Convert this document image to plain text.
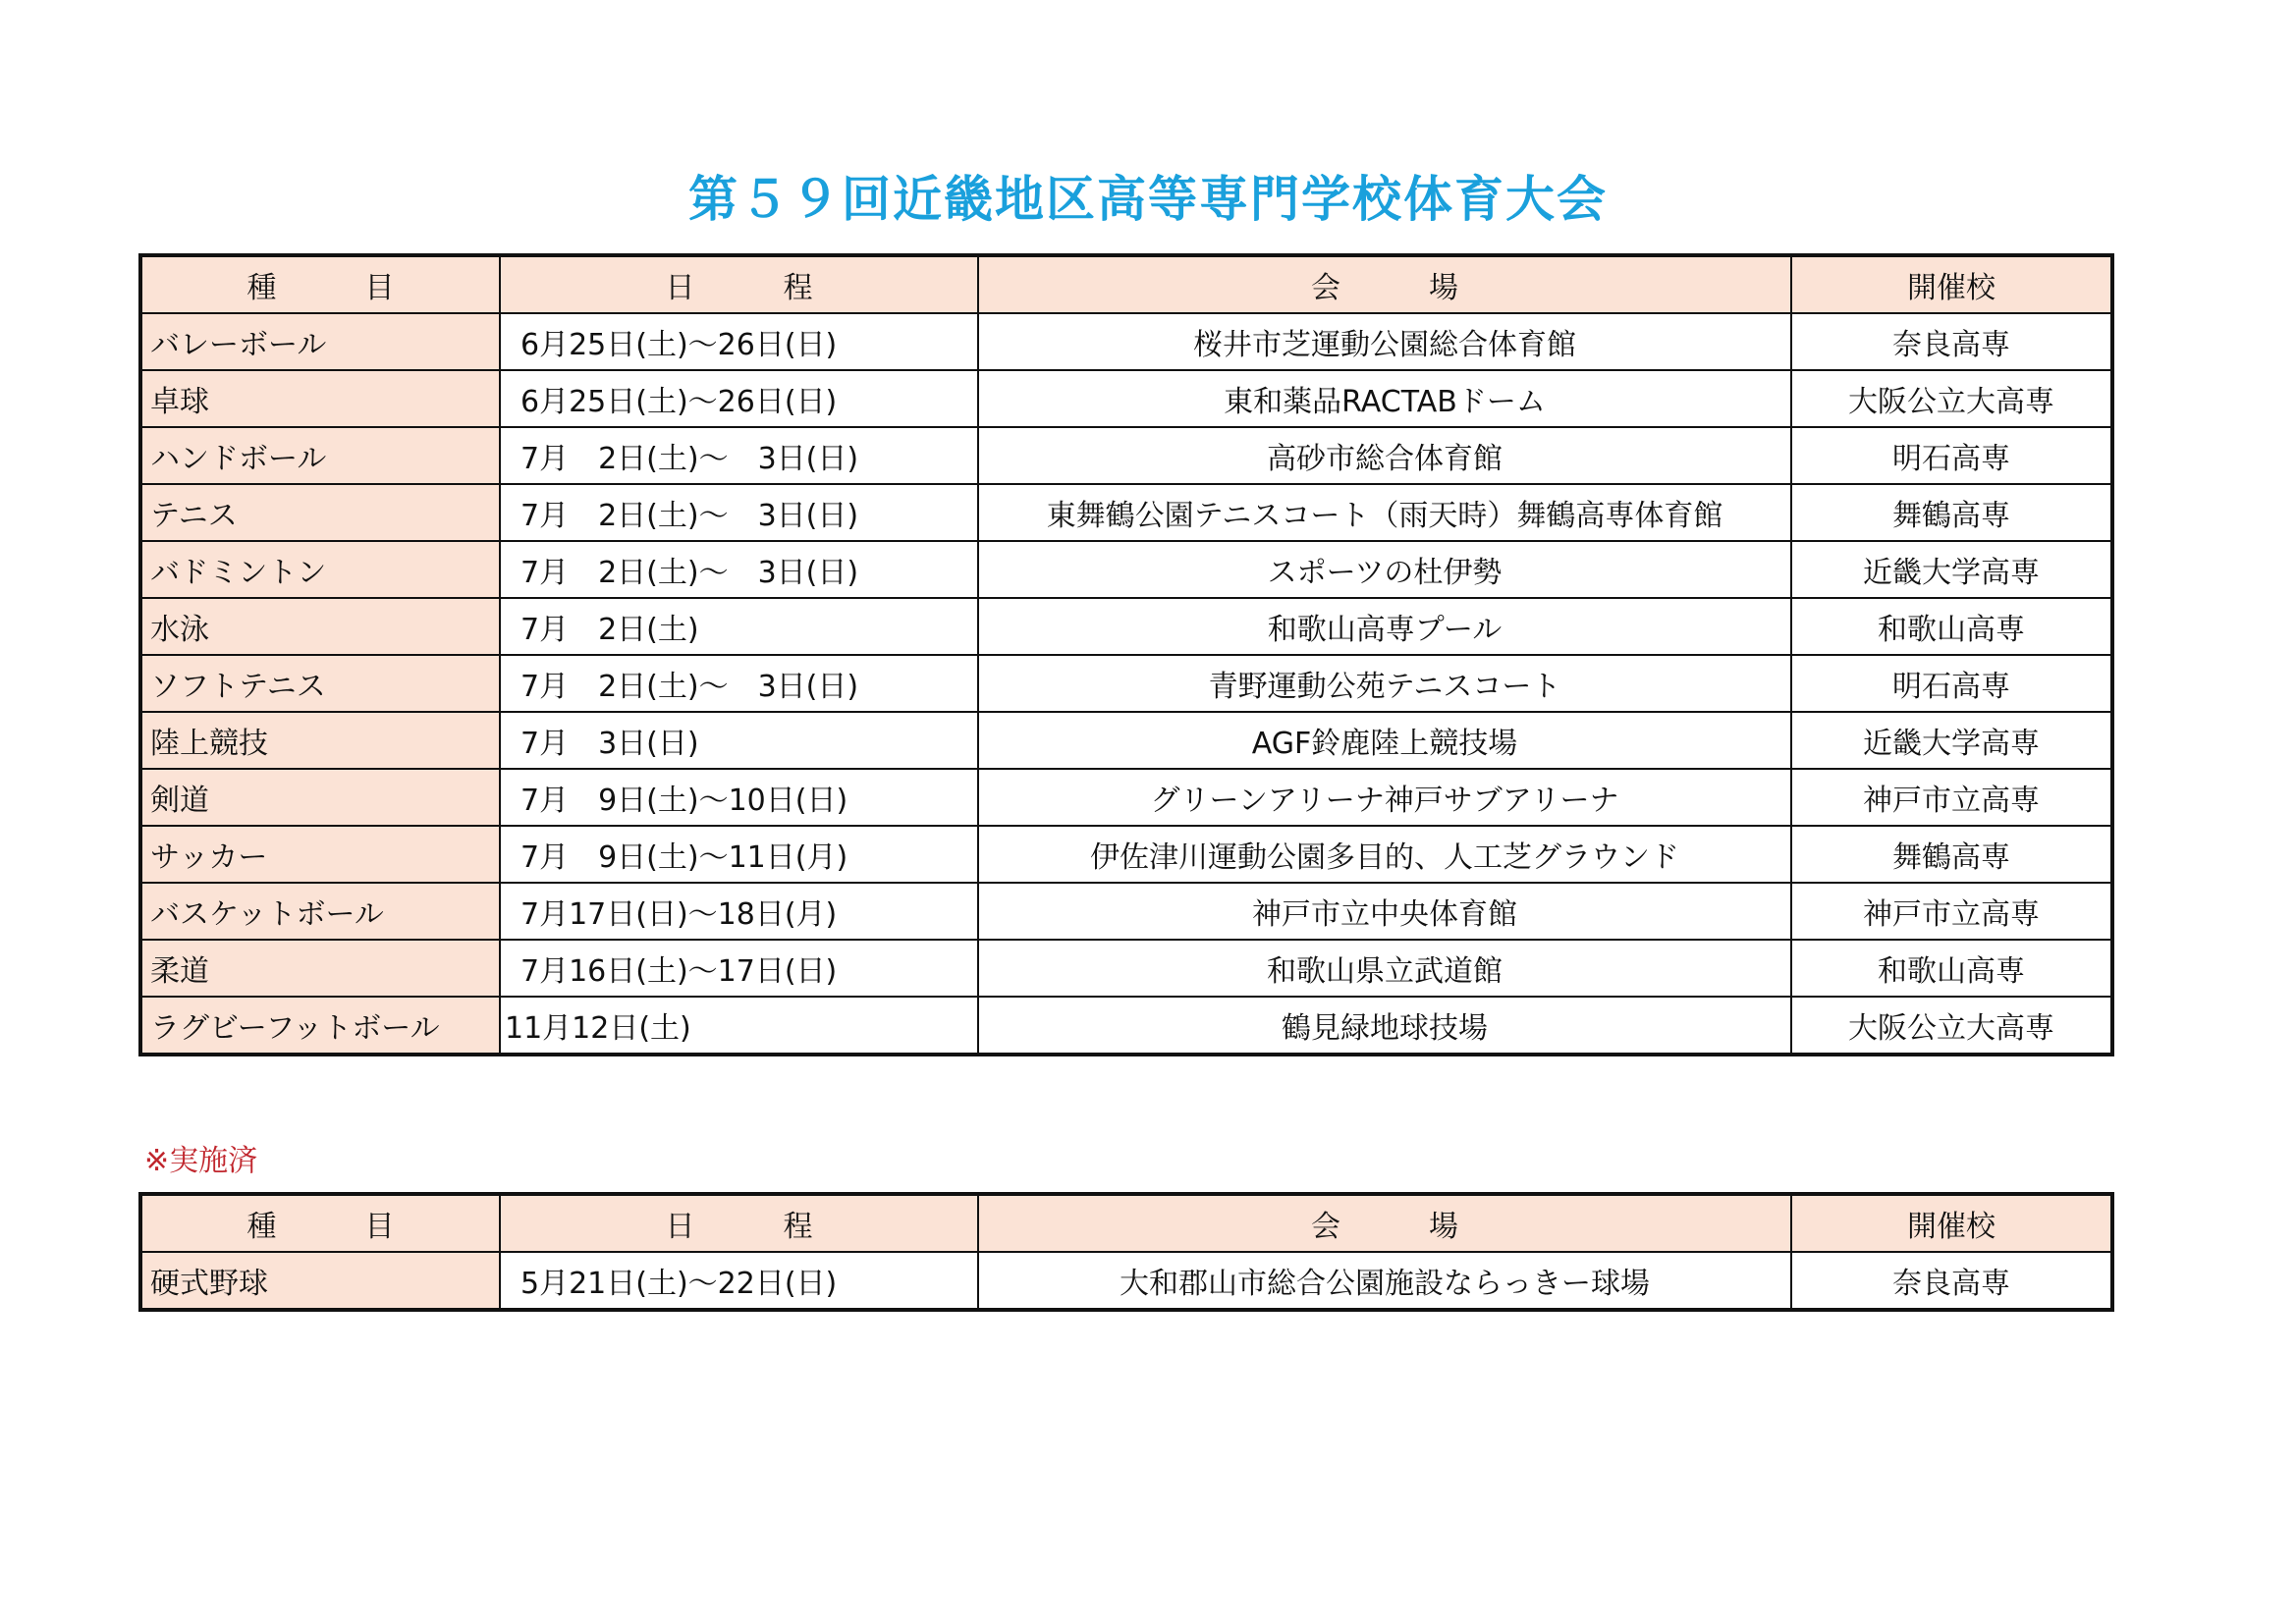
第５９回近畿地区高等専門学校体育大会
種　　　目	日　　　程	会　　　場	開催校
バレーボール	6月25日(土)～26日(日)	桜井市芝運動公園総合体育館	奈良高専
卓球	6月25日(土)～26日(日)	東和薬品RACTABドーム	大阪公立大高専
ハンドボール	7月　2日(土)～　3日(日)	高砂市総合体育館	明石高専
テニス	7月　2日(土)～　3日(日)	東舞鶴公園テニスコート（雨天時）舞鶴高専体育館	舞鶴高専
バドミントン	7月　2日(土)～　3日(日)	スポーツの杜伊勢	近畿大学高専
水泳	7月　2日(土)	和歌山高専プール	和歌山高専
ソフトテニス	7月　2日(土)～　3日(日)	青野運動公苑テニスコート	明石高専
陸上競技	7月　3日(日)	AGF鈴鹿陸上競技場	近畿大学高専
剣道	7月　9日(土)～10日(日)	グリーンアリーナ神戸サブアリーナ	神戸市立高専
サッカー	7月　9日(土)～11日(月)	伊佐津川運動公園多目的、人工芝グラウンド	舞鶴高専
バスケットボール	7月17日(日)～18日(月)	神戸市立中央体育館	神戸市立高専
柔道	7月16日(土)～17日(日)	和歌山県立武道館	和歌山高専
ラグビーフットボール	11月12日(土)	鶴見緑地球技場	大阪公立大高専
※実施済
種　　　目	日　　　程	会　　　場	開催校
硬式野球	5月21日(土)～22日(日)	大和郡山市総合公園施設ならっきー球場	奈良高専
